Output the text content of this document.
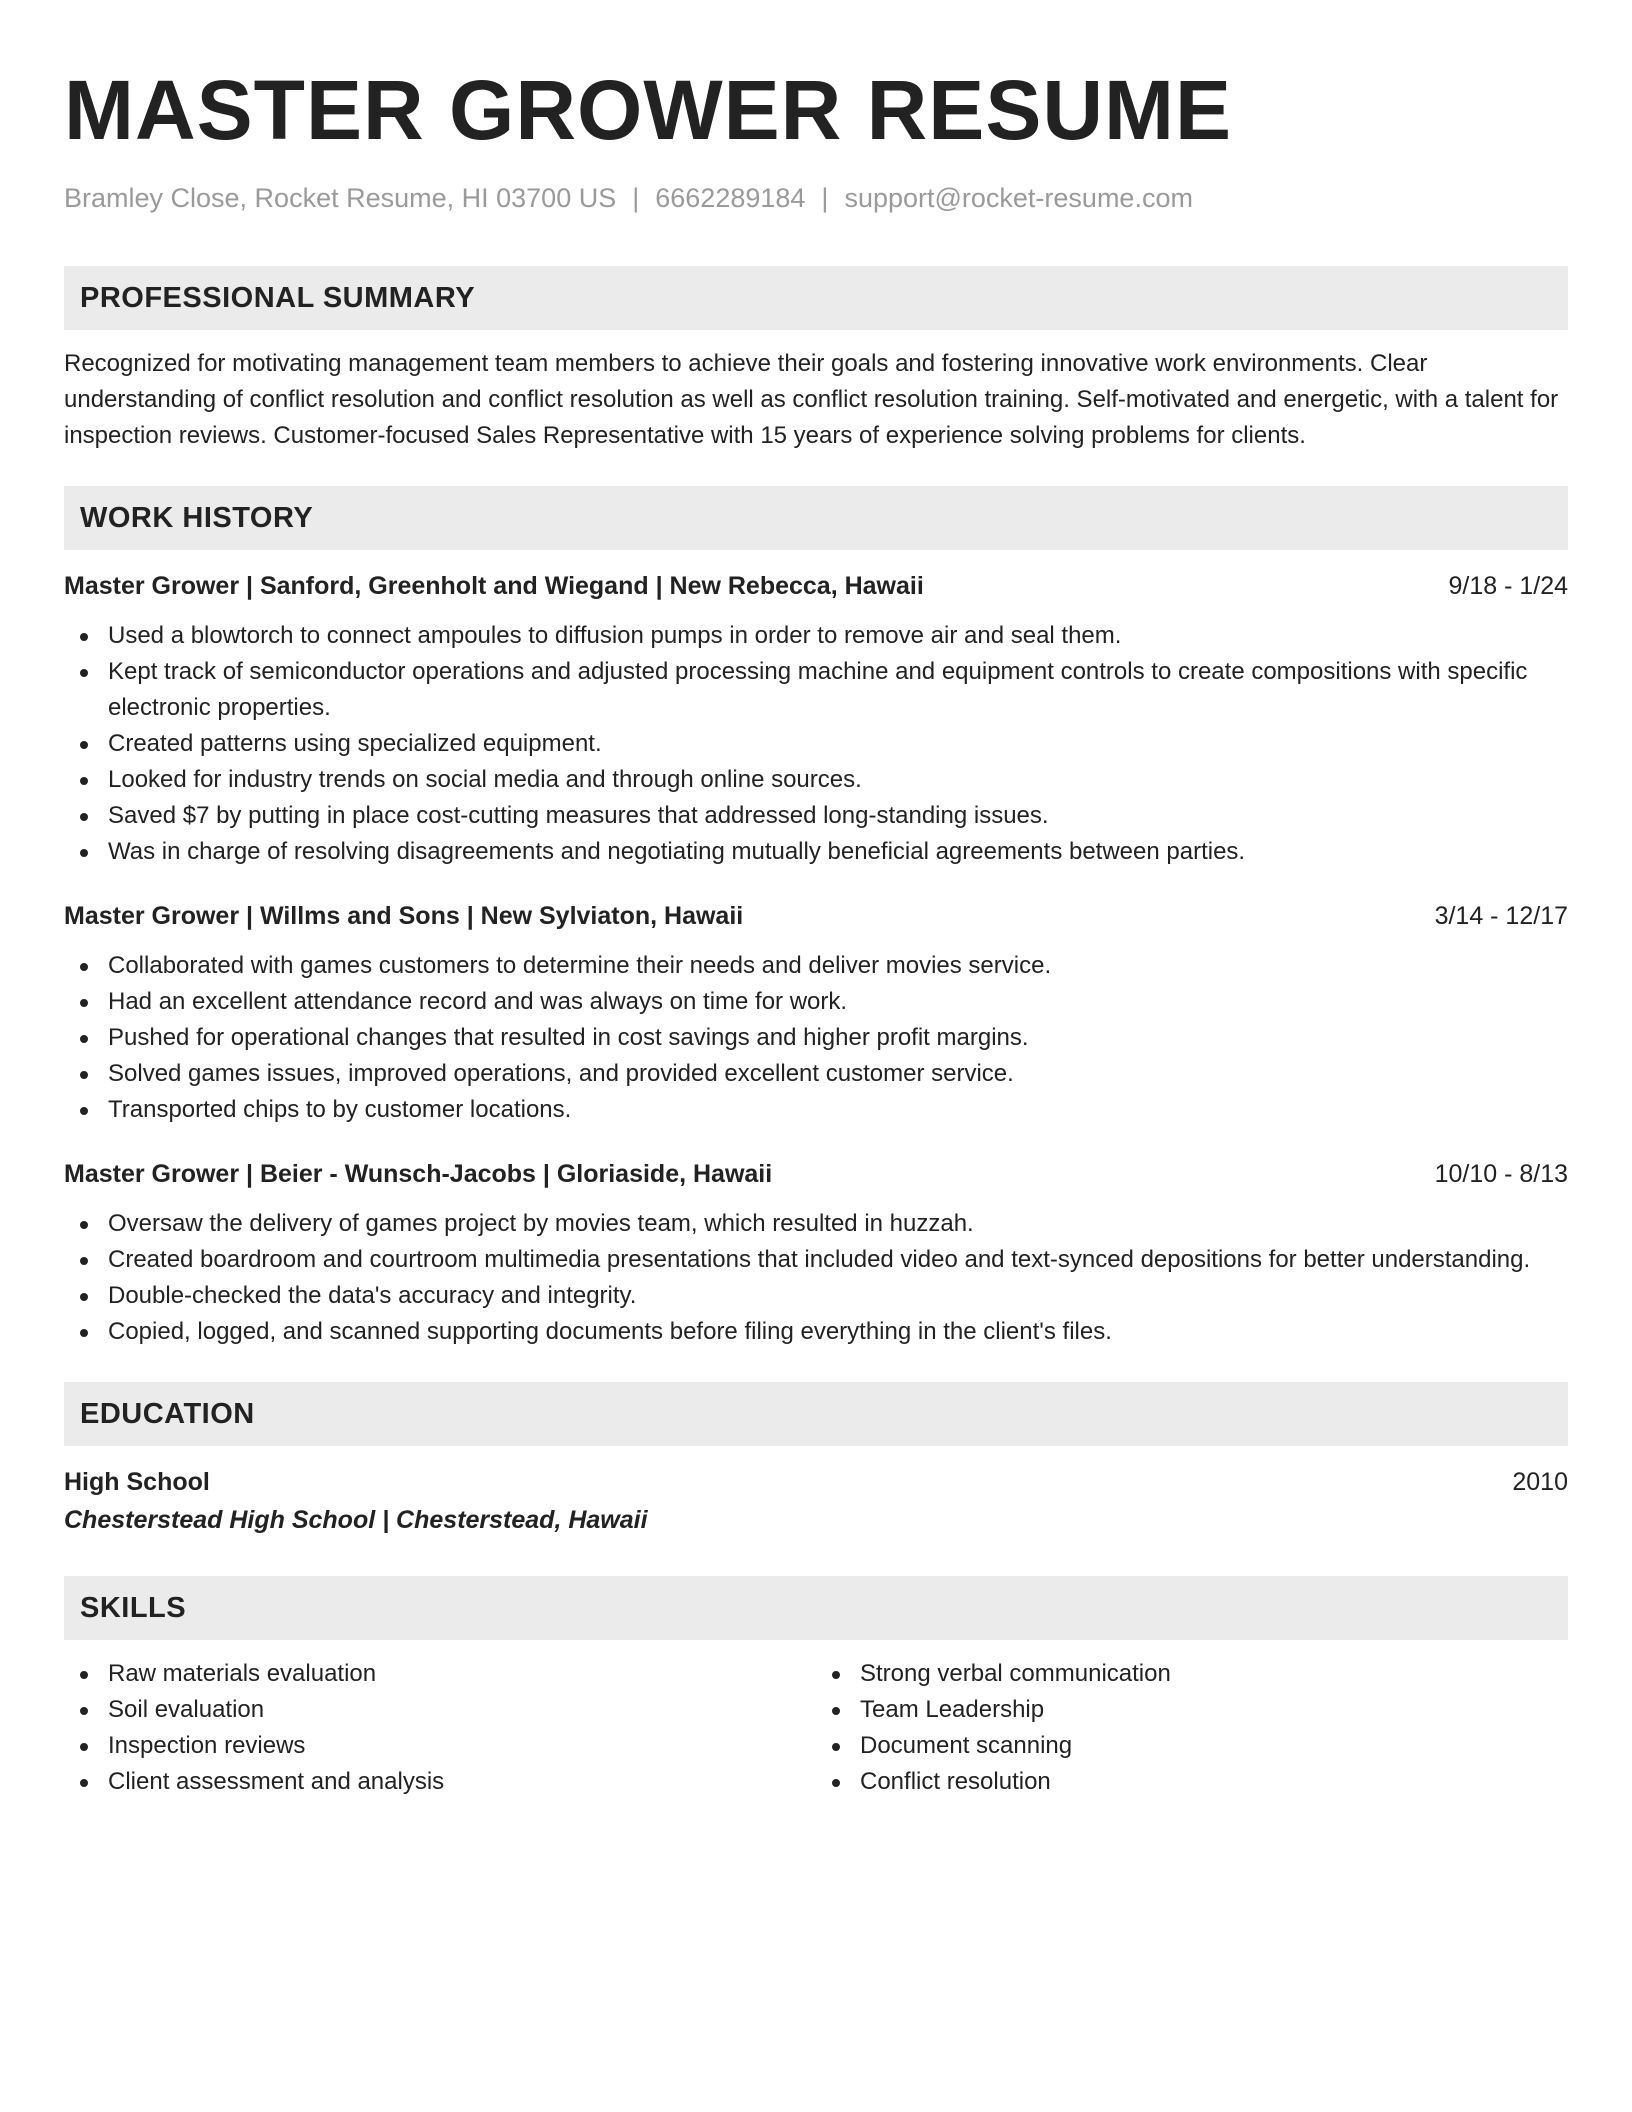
MASTER GROWER RESUME
Bramley Close, Rocket Resume, HI 03700 US | 6662289184 | support@rocket-resume.com
PROFESSIONAL SUMMARY

Recognized for motivating management team members to achieve their goals and fostering innovative work environments. Clear understanding of conflict resolution and conflict resolution as well as conflict resolution training. Self-motivated and energetic, with a talent for inspection reviews. Customer-focused Sales Representative with 15 years of experience solving problems for clients.

WORK HISTORY
Master Grower | Sanford, Greenholt and Wiegand | New Rebecca, Hawaii	9/18 - 1/24
Used a blowtorch to connect ampoules to diffusion pumps in order to remove air and seal them.
Kept track of semiconductor operations and adjusted processing machine and equipment controls to create compositions with specific electronic properties.
Created patterns using specialized equipment.
Looked for industry trends on social media and through online sources.
Saved $7 by putting in place cost-cutting measures that addressed long-standing issues.
Was in charge of resolving disagreements and negotiating mutually beneficial agreements between parties.
Master Grower | Willms and Sons | New Sylviaton, Hawaii	3/14 - 12/17
Collaborated with games customers to determine their needs and deliver movies service.
Had an excellent attendance record and was always on time for work.
Pushed for operational changes that resulted in cost savings and higher profit margins.
Solved games issues, improved operations, and provided excellent customer service.
Transported chips to by customer locations.
Master Grower | Beier - Wunsch-Jacobs | Gloriaside, Hawaii	10/10 - 8/13
Oversaw the delivery of games project by movies team, which resulted in huzzah.
Created boardroom and courtroom multimedia presentations that included video and text-synced depositions for better understanding.
Double-checked the data's accuracy and integrity.
Copied, logged, and scanned supporting documents before filing everything in the client's files.
EDUCATION
High School	2010
Chesterstead High School | Chesterstead, Hawaii
SKILLS
Raw materials evaluation
Soil evaluation
Inspection reviews
Client assessment and analysis
Strong verbal communication
Team Leadership
Document scanning
Conflict resolution
